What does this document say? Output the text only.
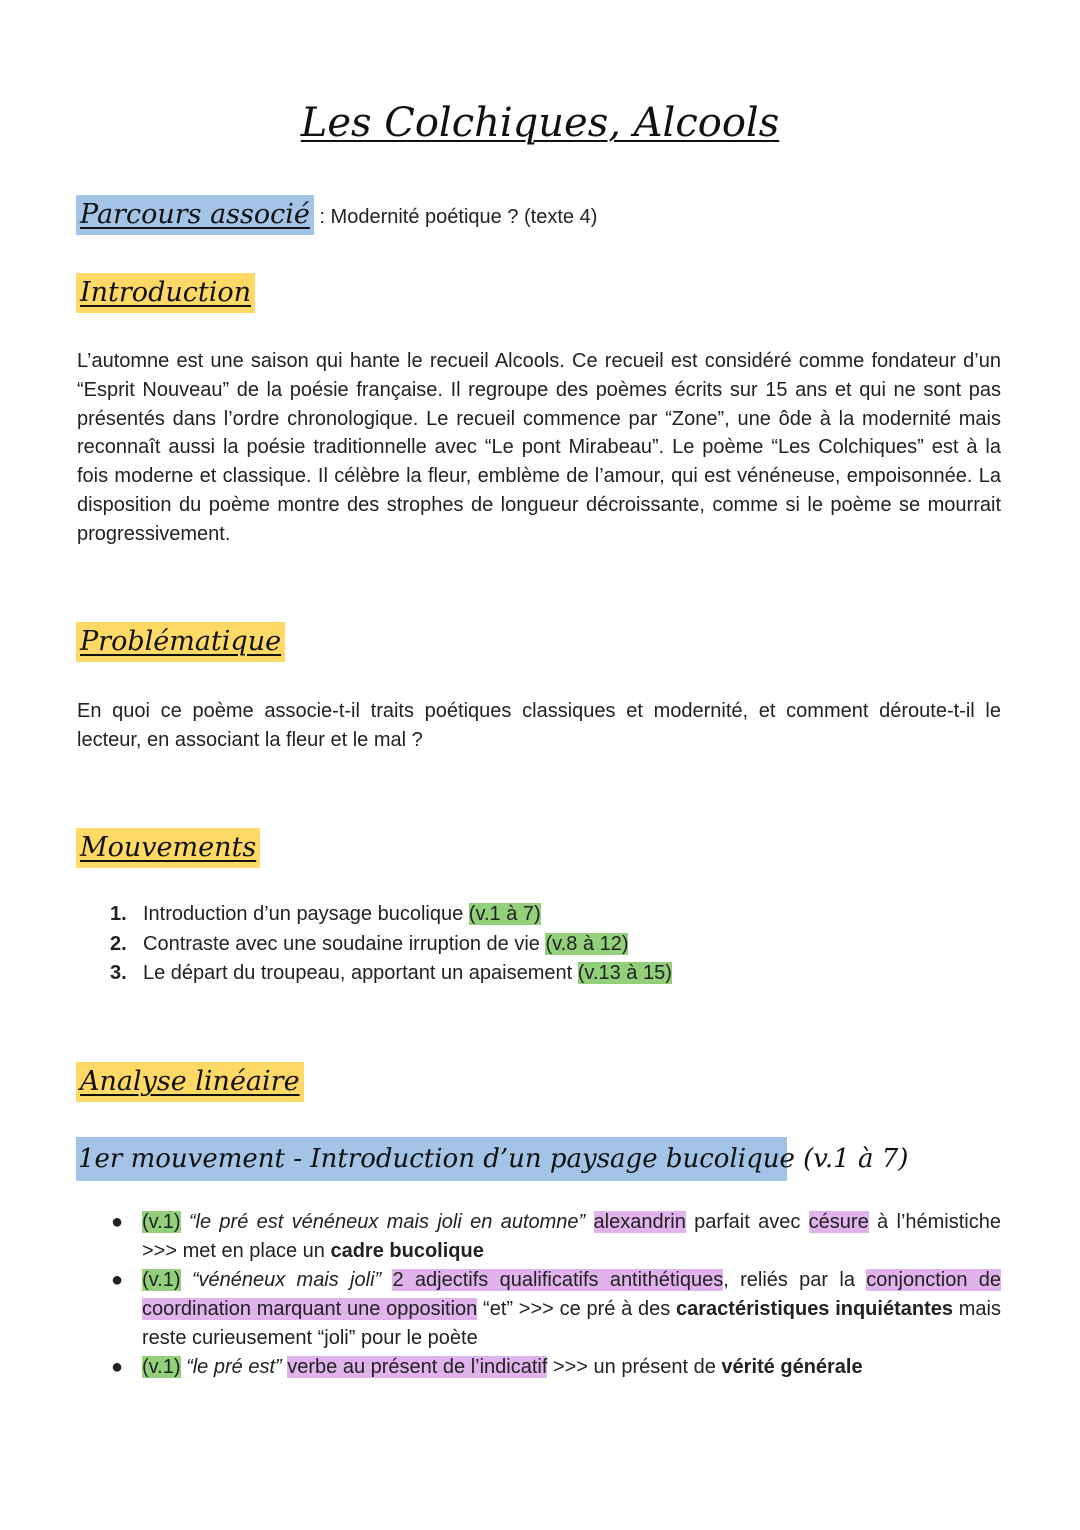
Les Colchiques, Alcools
Parcours associé : Modernité poétique ? (texte 4)
Introduction

L’automne est une saison qui hante le recueil Alcools. Ce recueil est considéré comme fondateur d’un “Esprit Nouveau” de la poésie française. Il regroupe des poèmes écrits sur 15 ans et qui ne sont pas présentés dans l’ordre chronologique. Le recueil commence par “Zone”, une ôde à la modernité mais reconnaît aussi la poésie traditionnelle avec “Le pont Mirabeau”. Le poème “Les Colchiques” est à la fois moderne et classique. Il célèbre la fleur, emblème de l’amour, qui est vénéneuse, empoisonnée. La disposition du poème montre des strophes de longueur décroissante, comme si le poème se mourrait progressivement.

Problématique

En quoi ce poème associe-t-il traits poétiques classiques et modernité, et comment déroute-t-il le lecteur, en associant la fleur et le mal ?

Mouvements
1. Introduction d’un paysage bucolique (v.1 à 7)
2. Contraste avec une soudaine irruption de vie (v.8 à 12)
3. Le départ du troupeau, apportant un apaisement (v.13 à 15)
Analyse linéaire
1er mouvement - Introduction d’un paysage bucolique (v.1 à 7)
● (v.1) “le pré est vénéneux mais joli en automne” alexandrin parfait avec césure à l’hémistiche >>> met en place un cadre bucolique
● (v.1) “vénéneux mais joli” 2 adjectifs qualificatifs antithétiques, reliés par la conjonction de coordination marquant une opposition “et” >>> ce pré à des caractéristiques inquiétantes mais reste curieusement “joli” pour le poète
● (v.1) “le pré est” verbe au présent de l’indicatif >>> un présent de vérité générale
